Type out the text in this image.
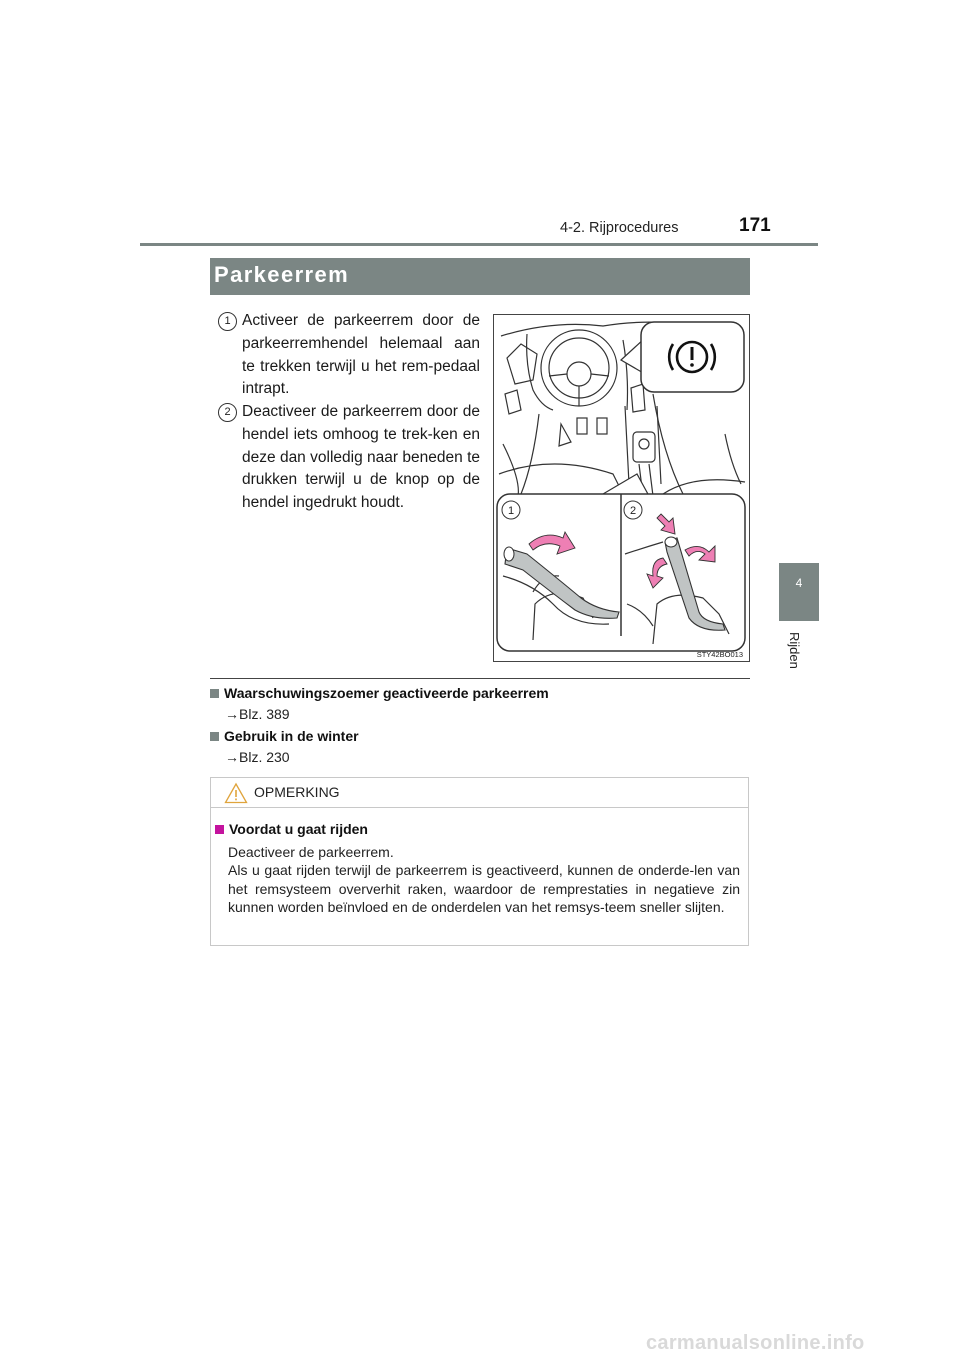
4-2. Rijprocedures	171
4
Rijden
Parkeerrem
1 Activeer de parkeerrem door de parkeerremhendel helemaal aan te trekken terwijl u het rem-pedaal intrapt.
2 Deactiveer de parkeerrem door de hendel iets omhoog te trek-ken en deze dan volledig naar beneden te drukken terwijl u de knop op de hendel ingedrukt houdt.	1	2
STY42BO013
Waarschuwingszoemer geactiveerde parkeerrem
→Blz. 389
Gebruik in de winter
→Blz. 230
OPMERKING
Voordat u gaat rijden

Deactiveer de parkeerrem.

Als u gaat rijden terwijl de parkeerrem is geactiveerd, kunnen de onderde-len van het remsysteem oververhit raken, waardoor de remprestaties in negatieve zin kunnen worden beïnvloed en de onderdelen van het remsys-teem sneller slijten.

carmanualsonline.info
